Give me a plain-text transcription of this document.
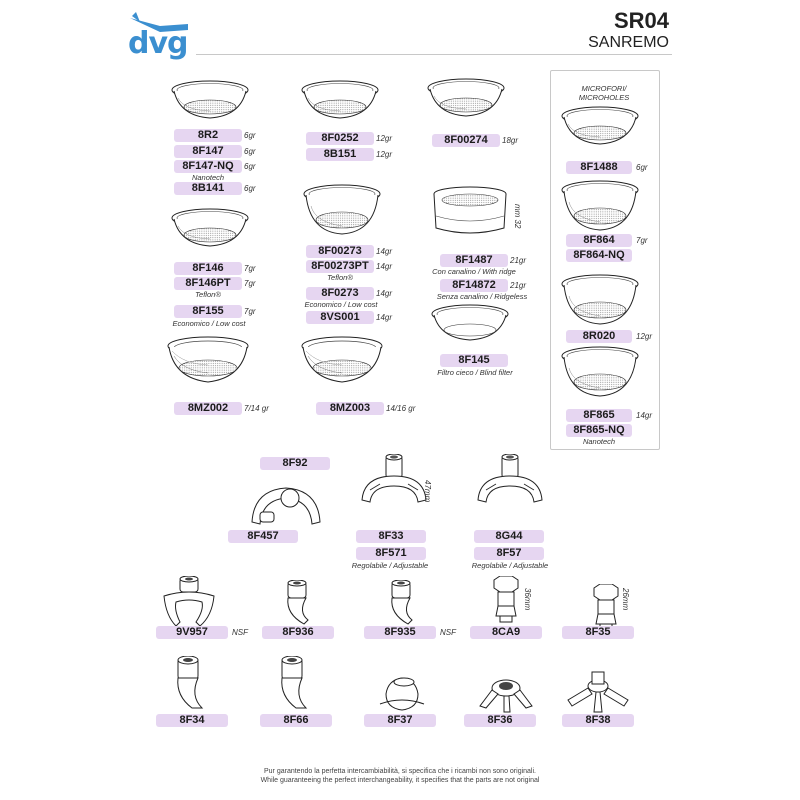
dvg
SR04
SANREMO
MICROFORI/
MICROHOLES
8R2	6gr
8F147	6gr
8F147-NQ	6gr
Nanotech
8B141	6gr
8F146	7gr
8F146PT	7gr
Teflon®
8F155	7gr
Economico / Low cost
8MZ002	7/14 gr
8F0252	12gr
8B151	12gr
8F00273	14gr
8F00273PT 14gr
Teflon®
8F0273	14gr
Economico / Low cost
8VS001	14gr
8MZ003	14/16 gr
8F00274	18gr
mm 32
8F1487	21gr
Con canalino / With ridge
8F14872	21gr
Senza canalino / Ridgeless
8F145
Filtro cieco / Blind filter
8F1488	6gr
8F864	7gr
8F864-NQ
8R020	12gr
8F865	14gr
8F865-NQ
Nanotech
8F92
8F457
47mm
8F33
8F571
Regolabile / Adjustable
8G44
8F57
Regolabile / Adjustable
9V957	NSF	8F936	8F935	NSF
36mm
8CA9
26mm
8F35
8F34	8F66	8F37	8F36	8F38
Pur garantendo la perfetta intercambiabilità, si specifica che i ricambi non sono originali.
While guaranteeing the perfect interchangeability, it specifies that the parts are not original
